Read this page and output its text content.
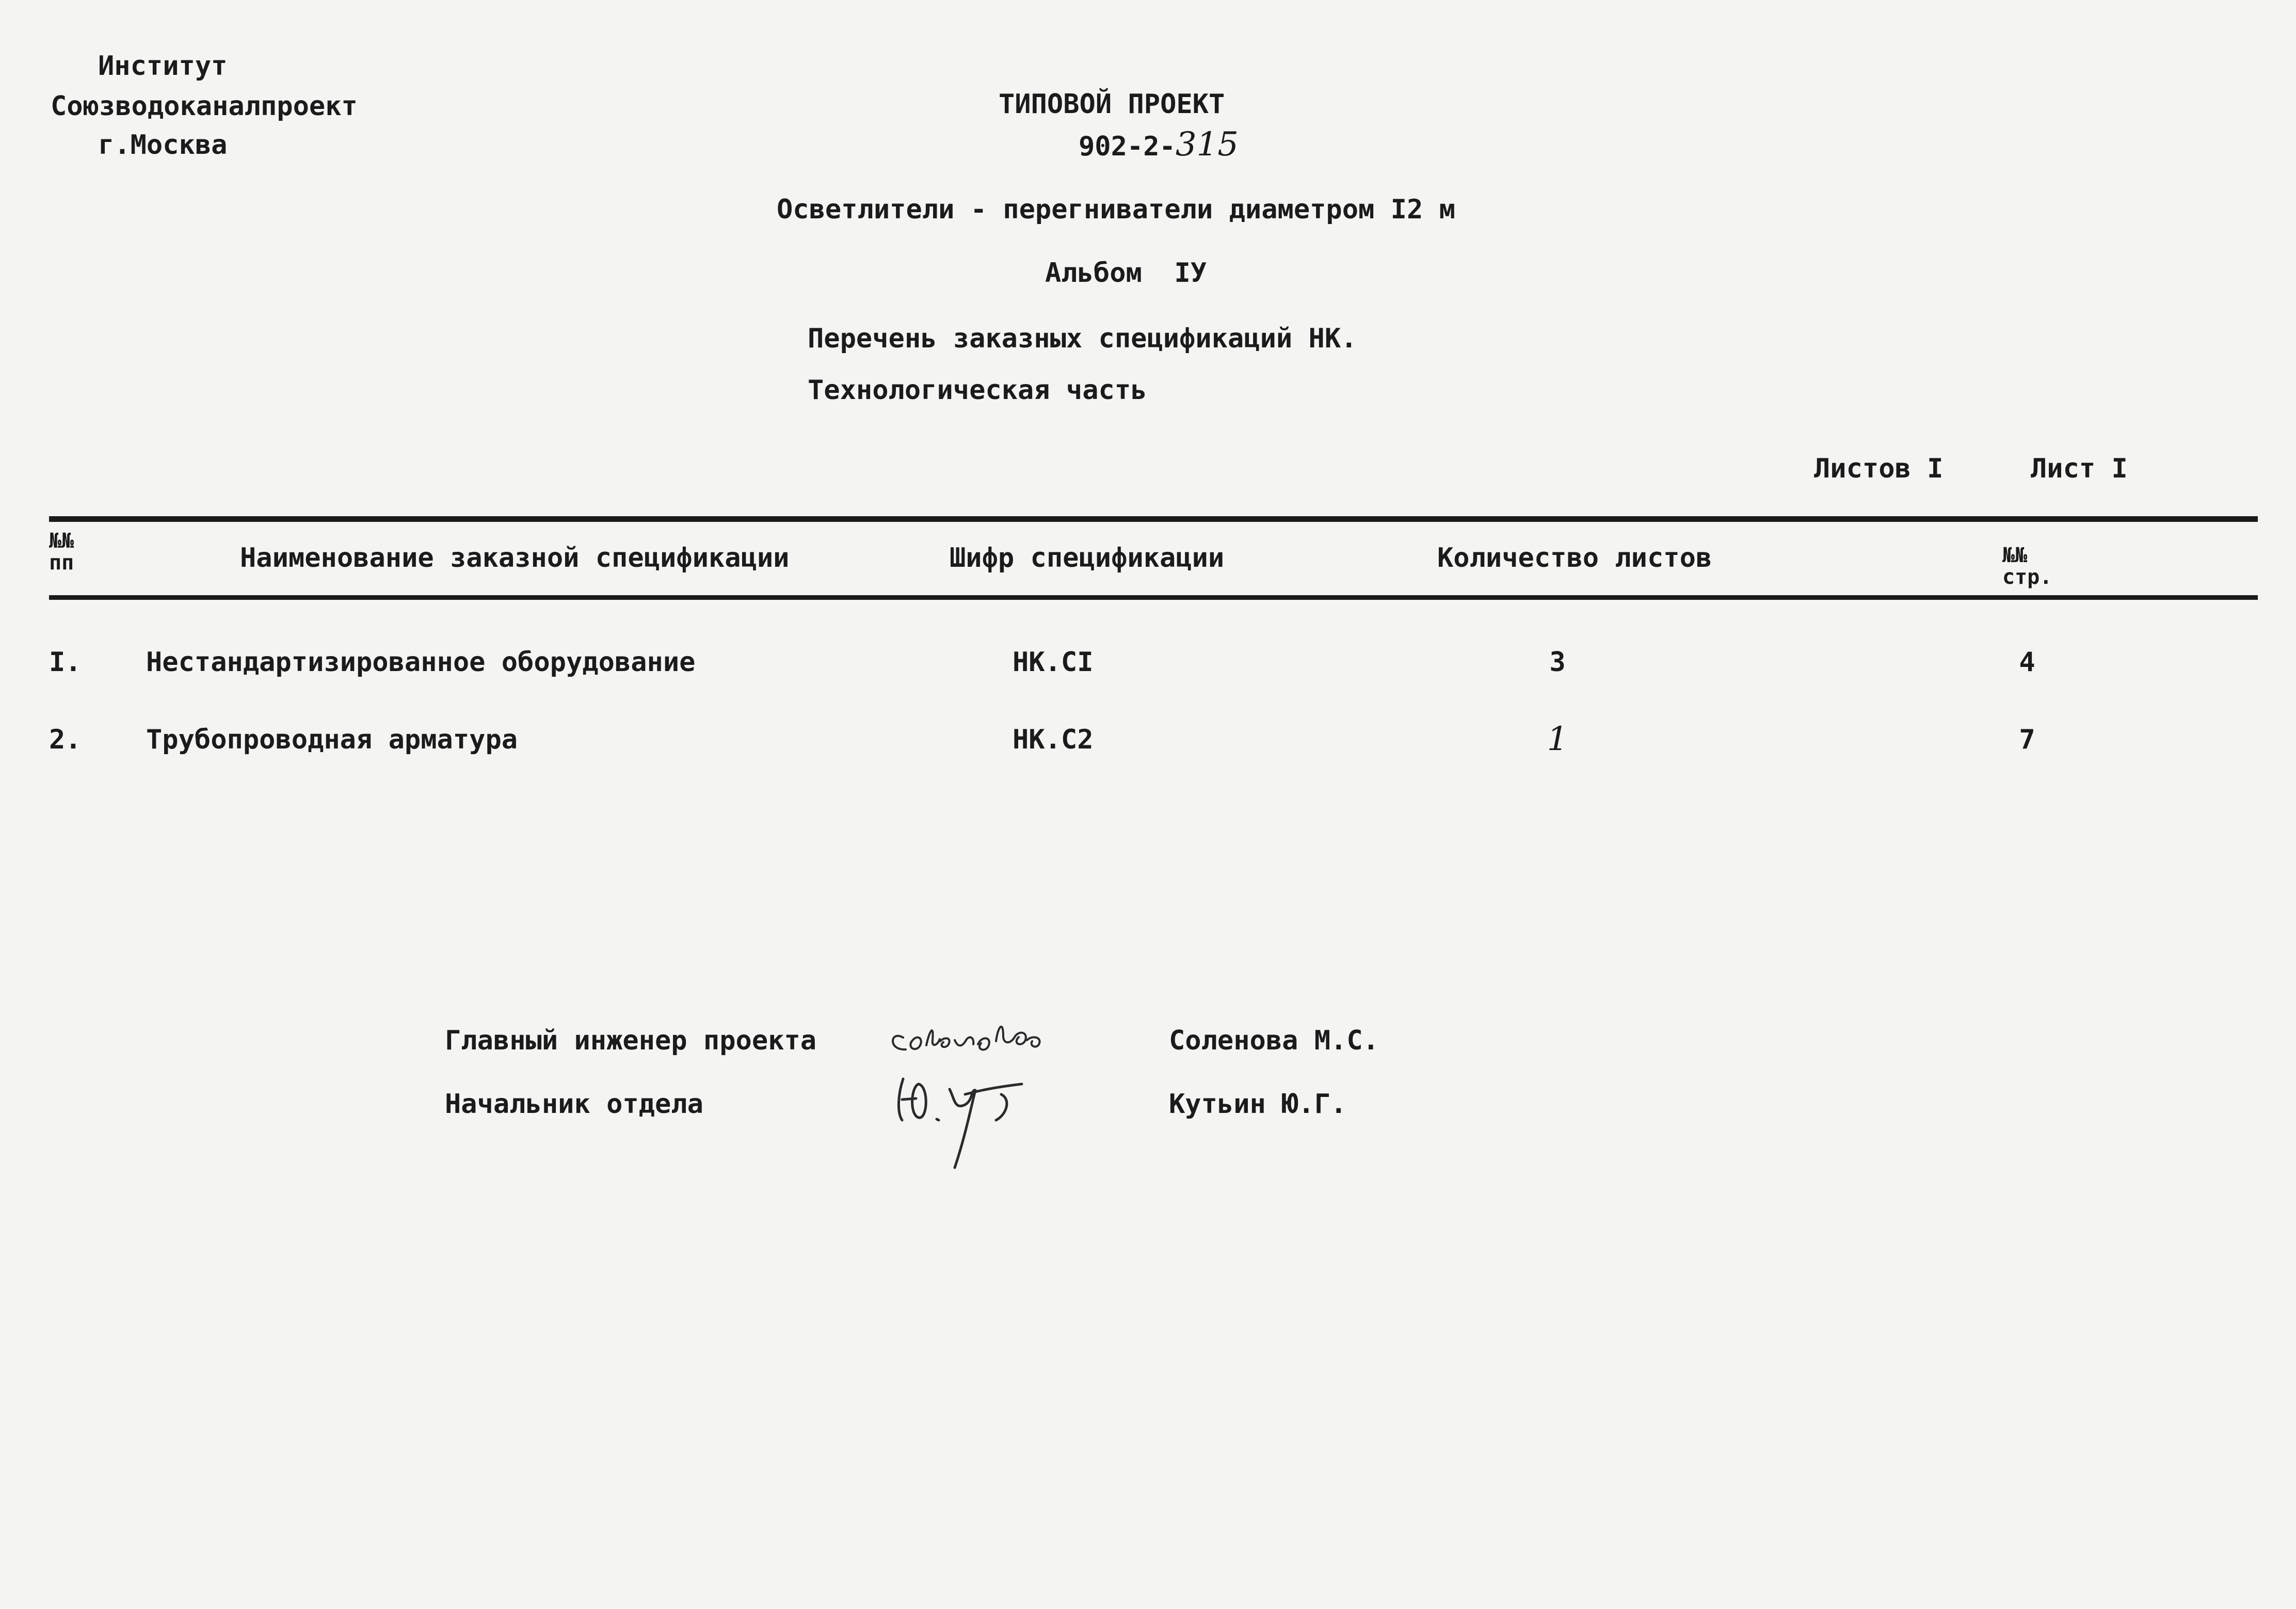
Институт
Союзводоканалпроект
г.Москва
ТИПОВОЙ ПРОЕКТ
902-2-315
Осветлители - перегниватели диаметром I2 м
Альбом  IУ
Перечень заказных спецификаций НК.
Технологическая часть
Листов I	Лист I
№№
пп	Наименование заказной спецификации	Шифр спецификации	Количество листов	№№
стр.
I. Нестандартизированное оборудование	НК.СI	3	4
2. Трубопроводная арматура	НК.С2	1	7
Главный инженер проекта	Соленова М.С.
Начальник отдела	Кутьин Ю.Г.
